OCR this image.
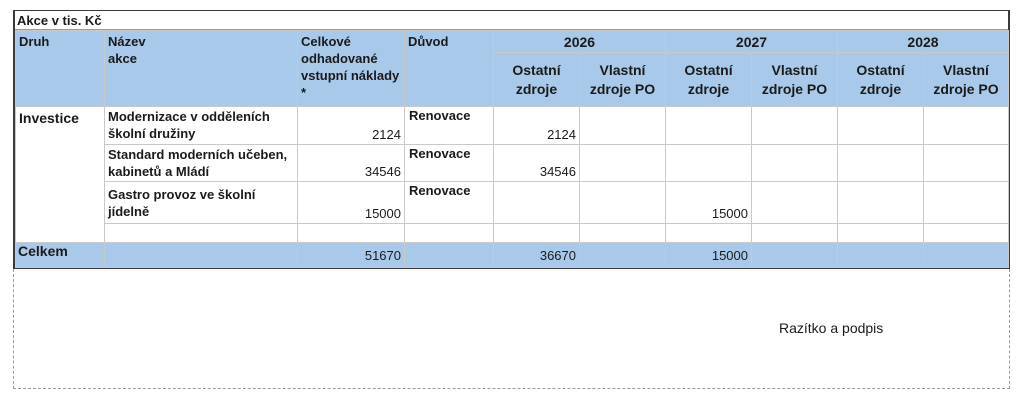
Akce v tis. Kč
Druh	Název akce	Celkové odhadované vstupní náklady *	Důvod	2026		2027		2028	
				Ostatní zdroje	Vlastní zdroje PO	Ostatní zdroje	Vlastní zdroje PO	Ostatní zdroje	Vlastní zdroje PO
Investice	Modernizace v odděleních školní družiny	2124	Renovace	2124					
	Standard moderních učeben, kabinetů a Mládí	34546	Renovace	34546					
	Gastro provoz ve školní jídelně	15000	Renovace			15000			

Celkem		51670		36670		15000			
Razítko a podpis
